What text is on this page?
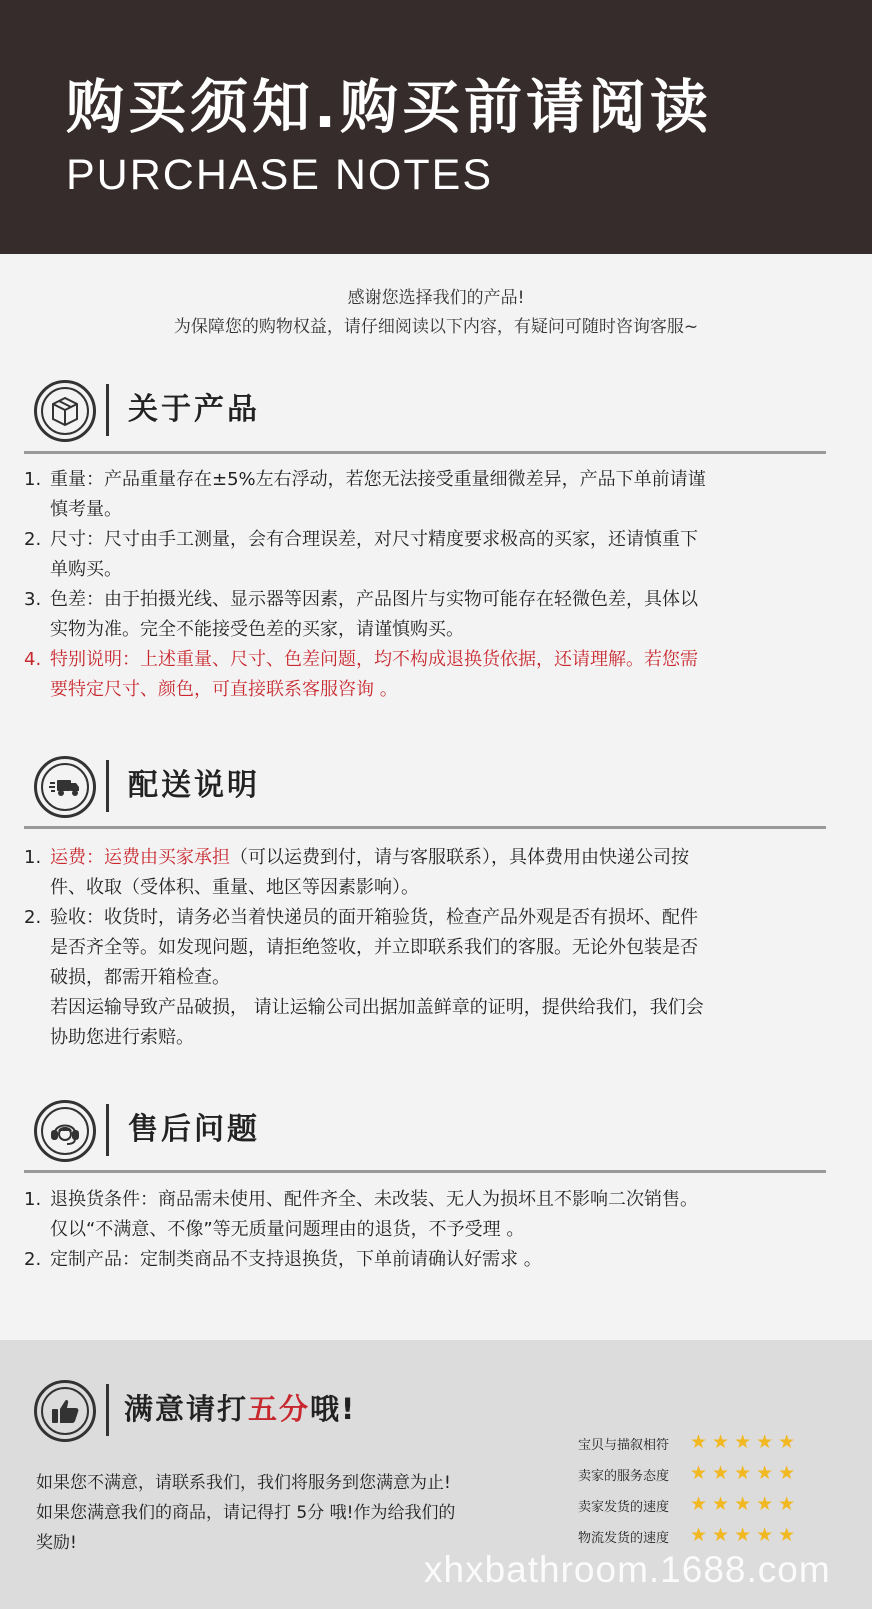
购买须知.购买前请阅读
PURCHASE NOTES
感谢您选择我们的产品!
为保障您的购物权益，请仔细阅读以下内容，有疑问可随时咨询客服~
关于产品
1. 重量：产品重量存在±5%左右浮动，若您无法接受重量细微差异，产品下单前请谨
慎考量。
2. 尺寸：尺寸由手工测量，会有合理误差，对尺寸精度要求极高的买家，还请慎重下
单购买。
3. 色差：由于拍摄光线、显示器等因素，产品图片与实物可能存在轻微色差，具体以
实物为准。完全不能接受色差的买家，请谨慎购买。
4. 特别说明：上述重量、尺寸、色差问题，均不构成退换货依据，还请理解。若您需
要特定尺寸、颜色，可直接联系客服咨询 。
配送说明
1. 运费：运费由买家承担（可以运费到付，请与客服联系），具体费用由快递公司按
件、收取（受体积、重量、地区等因素影响）。
2. 验收：收货时，请务必当着快递员的面开箱验货，检查产品外观是否有损坏、配件
是否齐全等。如发现问题，请拒绝签收，并立即联系我们的客服。无论外包装是否
破损，都需开箱检查。
若因运输导致产品破损， 请让运输公司出据加盖鲜章的证明，提供给我们，我们会
协助您进行索赔。
售后问题
1. 退换货条件：商品需未使用、配件齐全、未改装、无人为损坏且不影响二次销售。
仅以“不满意、不像”等无质量问题理由的退货，不予受理 。
2. 定制产品：定制类商品不支持退换货，下单前请确认好需求 。
满意请打五分哦!
如果您不满意，请联系我们，我们将服务到您满意为止!
如果您满意我们的商品，请记得打 5分 哦!作为给我们的
奖励!
宝贝与描叙相符 ★★★★★
卖家的服务态度 ★★★★★
卖家发货的速度 ★★★★★
物流发货的速度 ★★★★★
xhxbathroom.1688.com
